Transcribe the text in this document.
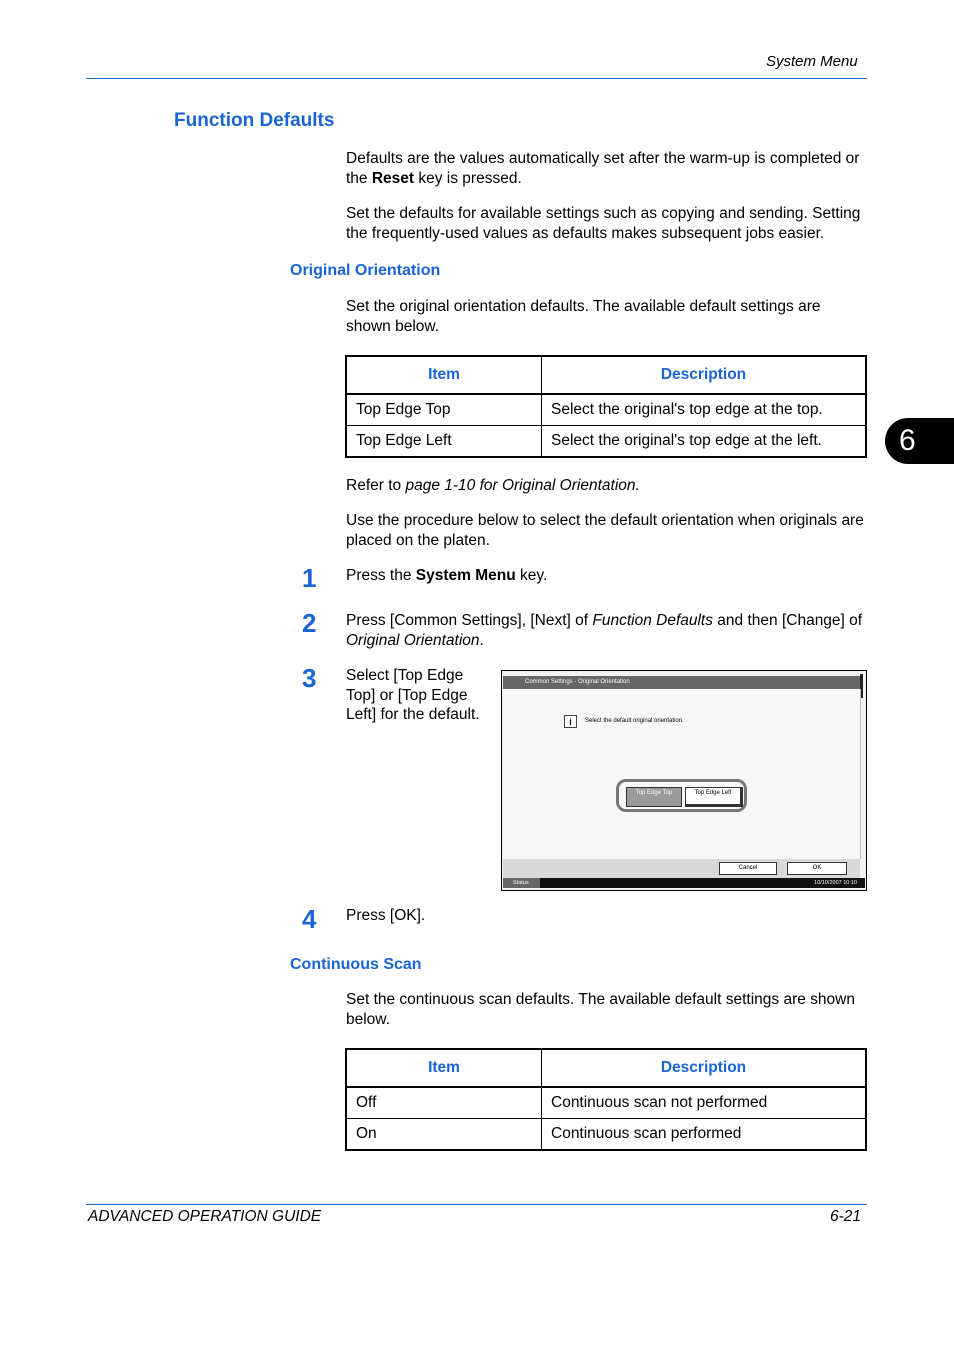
System Menu
6
Function Defaults
Defaults are the values automatically set after the warm-up is completed or the Reset key is pressed.
Set the defaults for available settings such as copying and sending. Setting the frequently-used values as defaults makes subsequent jobs easier.
Original Orientation
Set the original orientation defaults. The available default settings are shown below.
Item	Description
Top Edge Top	Select the original's top edge at the top.
Top Edge Left	Select the original's top edge at the left.
Refer to page 1-10 for Original Orientation.
Use the procedure below to select the default orientation when originals are placed on the platen.
1 Press the System Menu key.
2 Press [Common Settings], [Next] of Function Defaults and then [Change] of Original Orientation.
3 Select [Top Edge Top] or [Top Edge Left] for the default.
Common Settings - Original Orientation
i	Select the default original orientation.
Top Edge Top	Top Edge Left
Cancel	OK
Status	10/10/2007 10:10
4 Press [OK].
Continuous Scan
Set the continuous scan defaults. The available default settings are shown below.
Item	Description
Off	Continuous scan not performed
On	Continuous scan performed
ADVANCED OPERATION GUIDE	6-21
